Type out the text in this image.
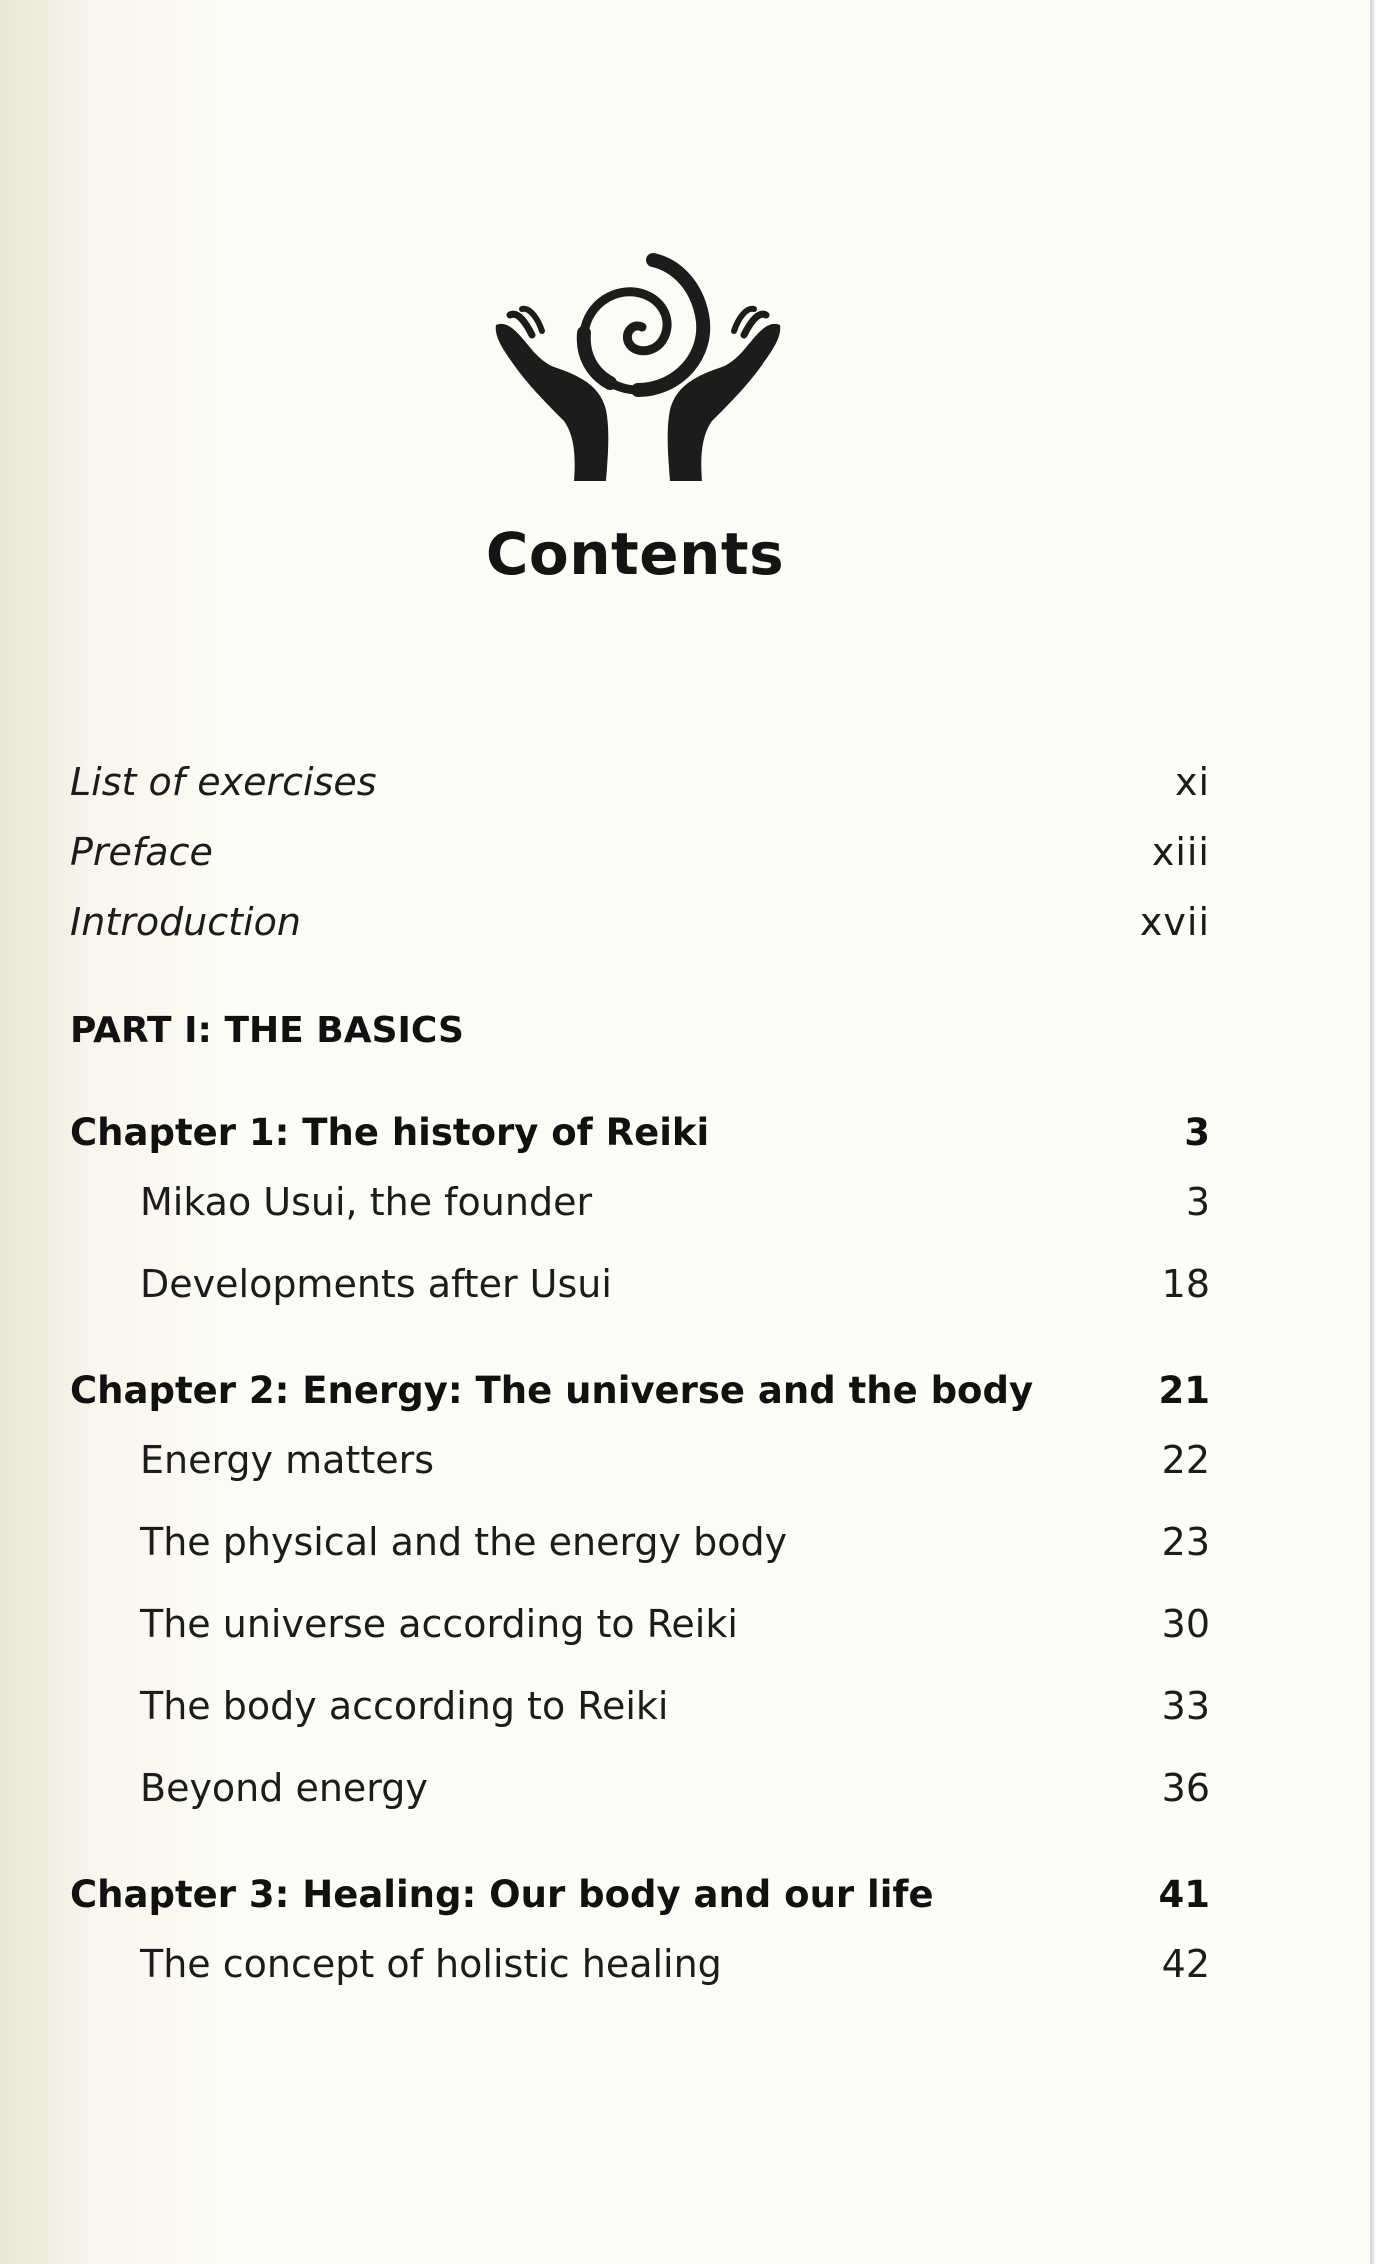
Contents
List of exercises	xi
Preface	xiii
Introduction	xvii
PART I: THE BASICS
Chapter 1: The history of Reiki	3
Mikao Usui, the founder	3
Developments after Usui	18
Chapter 2: Energy: The universe and the body	21
Energy matters	22
The physical and the energy body	23
The universe according to Reiki	30
The body according to Reiki	33
Beyond energy	36
Chapter 3: Healing: Our body and our life	41
The concept of holistic healing	42
